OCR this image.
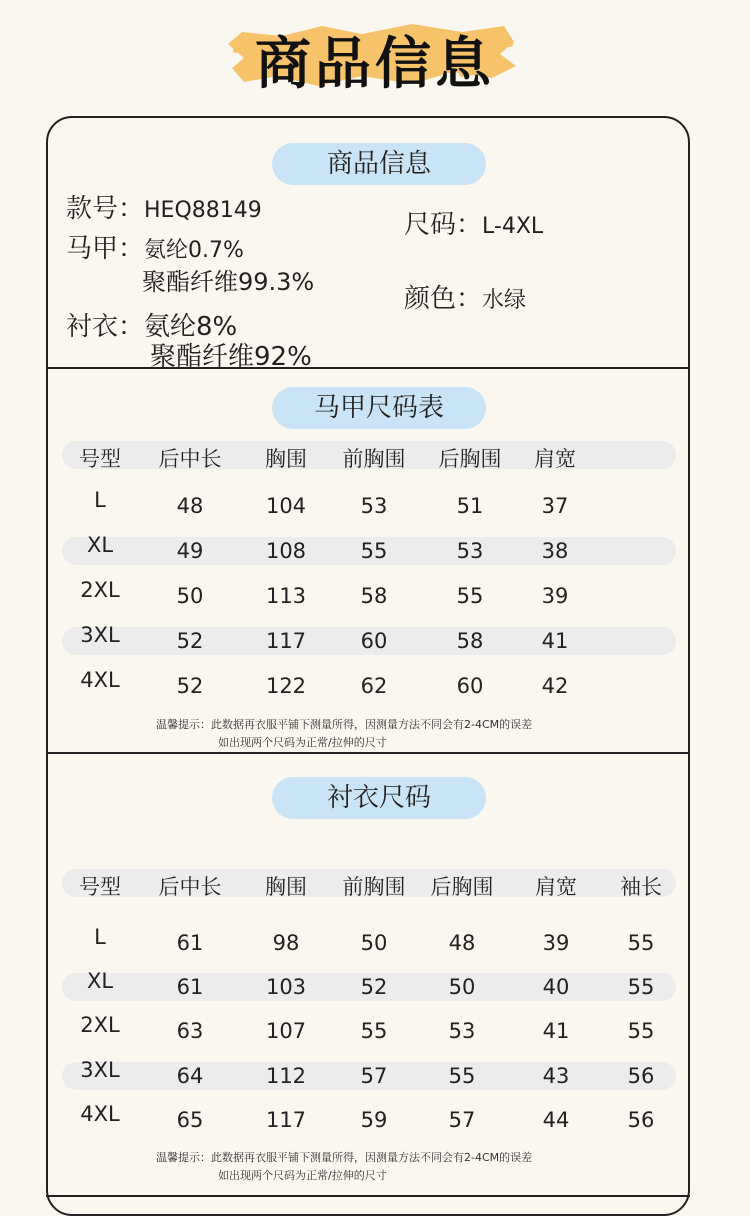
商品信息
商品信息
款号：HEQ88149
马甲：氨纶0.7%
聚酯纤维99.3%
衬衣：氨纶8%
聚酯纤维92%
尺码：L-4XL
颜色：水绿
马甲尺码表
号型	后中长	胸围	前胸围	后胸围	肩宽
L	48	104	53	51	37
XL	49	108	55	53	38
2XL	50	113	58	55	39
3XL	52	117	60	58	41
4XL	52	122	62	60	42
温馨提示：此数据再衣服平铺下测量所得，因测量方法不同会有2-4CM的误差
如出现两个尺码为正常/拉伸的尺寸
衬衣尺码
号型	后中长	胸围	前胸围	后胸围	肩宽	袖长
L	61	98	50	48	39	55
XL	61	103	52	50	40	55
2XL	63	107	55	53	41	55
3XL	64	112	57	55	43	56
4XL	65	117	59	57	44	56
温馨提示：此数据再衣服平铺下测量所得，因测量方法不同会有2-4CM的误差
如出现两个尺码为正常/拉伸的尺寸
